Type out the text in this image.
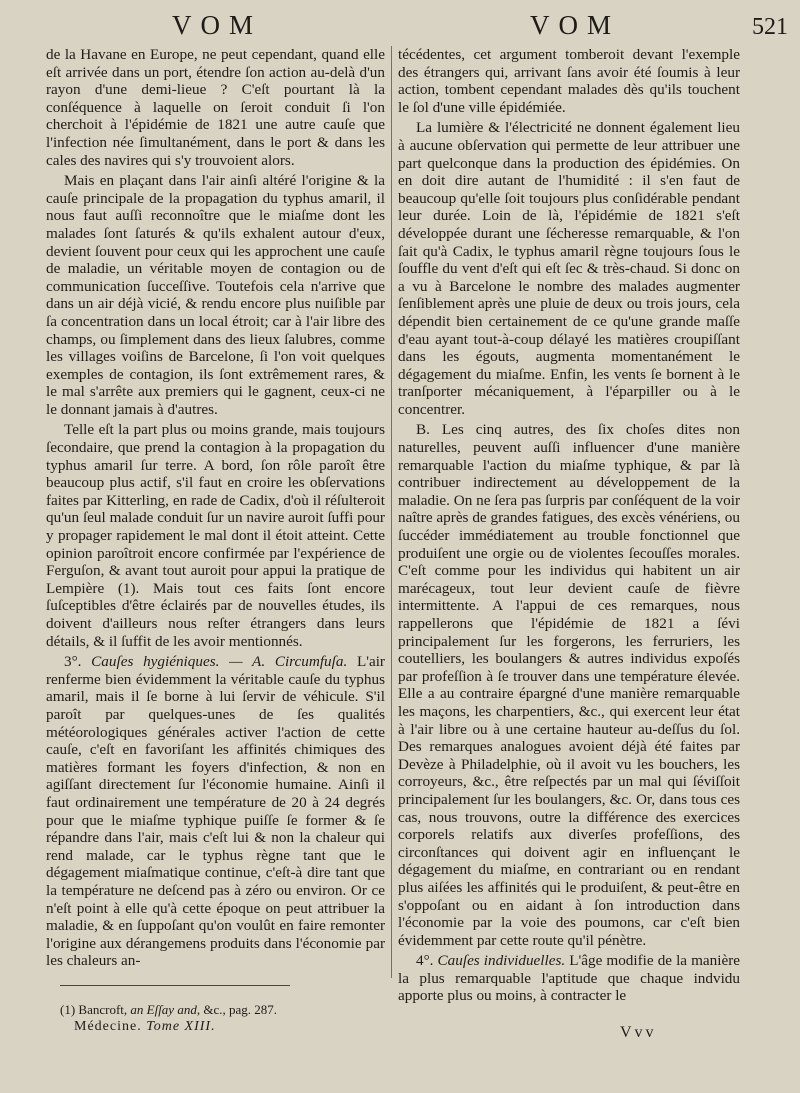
VOM	VOM	521

de la Havane en Europe, ne peut cependant, quand elle eſt arrivée dans un port, étendre ſon action au-delà d'un rayon d'une demi-lieue ? C'eſt pourtant là la conſéquence à laquelle on ſeroit conduit ſi l'on cherchoit à l'épidémie de 1821 une autre cauſe que l'infection née ſimultanément, dans le port & dans les cales des navires qui s'y trouvoient alors.

Mais en plaçant dans l'air ainſi altéré l'origine & la cauſe principale de la propagation du typhus amaril, il nous faut auſſi reconnoître que le miaſme dont les malades ſont ſaturés & qu'ils exhalent autour d'eux, devient ſouvent pour ceux qui les approchent une cauſe de maladie, un véritable moyen de contagion ou de communication ſucceſſive. Toutefois cela n'arrive que dans un air déjà vicié, & rendu encore plus nuiſible par ſa concentration dans un local étroit; car à l'air libre des champs, ou ſimplement dans des lieux ſalubres, comme les villages voiſins de Barcelone, ſi l'on voit quelques exemples de contagion, ils ſont extrêmement rares, & le mal s'arrête aux premiers qui le gagnent, ceux-ci ne le donnant jamais à d'autres.

Telle eſt la part plus ou moins grande, mais toujours ſecondaire, que prend la contagion à la propagation du typhus amaril ſur terre. A bord, ſon rôle paroît être beaucoup plus actif, s'il faut en croire les obſervations faites par Kitterling, en rade de Cadix, d'où il réſulteroit qu'un ſeul malade conduit ſur un navire auroit ſuffi pour y propager rapidement le mal dont il étoit atteint. Cette opinion paroîtroit encore confirmée par l'expérience de Ferguſon, & avant tout auroit pour appui la pratique de Lempière (1). Mais tout ces faits ſont encore ſuſceptibles d'être éclairés par de nouvelles études, ils doivent d'ailleurs nous reſter étrangers dans leurs détails, & il ſuffit de les avoir mentionnés.

3°. Cauſes hygiéniques. — A. Circumfuſa. L'air renferme bien évidemment la véritable cauſe du typhus amaril, mais il ſe borne à lui ſervir de véhicule. S'il paroît par quelques-unes de ſes qualités météorologiques générales activer l'action de cette cauſe, c'eſt en favoriſant les affinités chimiques des matières formant les foyers d'infection, & non en agiſſant directement ſur l'économie humaine. Ainſi il faut ordinairement une température de 20 à 24 degrés pour que le miaſme typhique puiſſe ſe former & ſe répandre dans l'air, mais c'eſt lui & non la chaleur qui rend malade, car le typhus règne tant que le dégagement miaſmatique continue, c'eſt-à dire tant que la température ne deſcend pas à zéro ou environ. Or ce n'eſt point à elle qu'à cette époque on peut attribuer la maladie, & en ſuppoſant qu'on voulût en faire remonter l'origine aux dérangemens produits dans l'économie par les chaleurs an-

técédentes, cet argument tomberoit devant l'exemple des étrangers qui, arrivant ſans avoir été ſoumis à leur action, tombent cependant malades dès qu'ils touchent le ſol d'une ville épidémiée.

La lumière & l'électricité ne donnent également lieu à aucune obſervation qui permette de leur attribuer une part quelconque dans la production des épidémies. On en doit dire autant de l'humidité : il s'en faut de beaucoup qu'elle ſoit toujours plus conſidérable pendant leur durée. Loin de là, l'épidémie de 1821 s'eſt développée durant une ſécheresse remarquable, & l'on ſait qu'à Cadix, le typhus amaril règne toujours ſous le ſouffle du vent d'eſt qui eſt ſec & très-chaud. Si donc on a vu à Barcelone le nombre des malades augmenter ſenſiblement après une pluie de deux ou trois jours, cela dépendit bien certainement de ce qu'une grande maſſe d'eau ayant tout-à-coup délayé les matières croupiſſant dans les égouts, augmenta momentanément le dégagement du miaſme. Enfin, les vents ſe bornent à le tranſporter mécaniquement, à l'éparpiller ou à le concentrer.

B. Les cinq autres, des ſix choſes dites non naturelles, peuvent auſſi influencer d'une manière remarquable l'action du miaſme typhique, & par là contribuer indirectement au développement de la maladie. On ne ſera pas ſurpris par conſéquent de la voir naître après de grandes fatigues, des excès vénériens, ou ſuccéder immédiatement au trouble fonctionnel que produiſent une orgie ou de violentes ſecouſſes morales. C'eſt comme pour les individus qui habitent un air marécageux, tout leur devient cauſe de fièvre intermittente. A l'appui de ces remarques, nous rappellerons que l'épidémie de 1821 a ſévi principalement ſur les forgerons, les ferruriers, les coutelliers, les boulangers & autres individus expoſés par profeſſion à ſe trouver dans une température élevée. Elle a au contraire épargné d'une manière remarquable les maçons, les charpentiers, &c., qui exercent leur état à l'air libre ou à une certaine hauteur au-deſſus du ſol. Des remarques analogues avoient déjà été faites par Devèze à Philadelphie, où il avoit vu les bouchers, les corroyeurs, &c., être reſpectés par un mal qui ſéviſſoit principalement ſur les boulangers, &c. Or, dans tous ces cas, nous trouvons, outre la différence des exercices corporels relatifs aux diverſes profeſſions, des circonſtances qui doivent agir en influençant le dégagement du miaſme, en contrariant ou en rendant plus aiſées les affinités qui le produiſent, & peut-être en s'oppoſant ou en aidant à ſon introduction dans l'économie par la voie des poumons, car c'eſt bien évidemment par cette route qu'il pénètre.

4°. Cauſes individuelles. L'âge modifie de la manière la plus remarquable l'aptitude que chaque indvidu apporte plus ou moins, à contracter le

(1) Bancroft, an Eſſay and, &c., pag. 287.
Médecine. Tome XIII.	Vvv
